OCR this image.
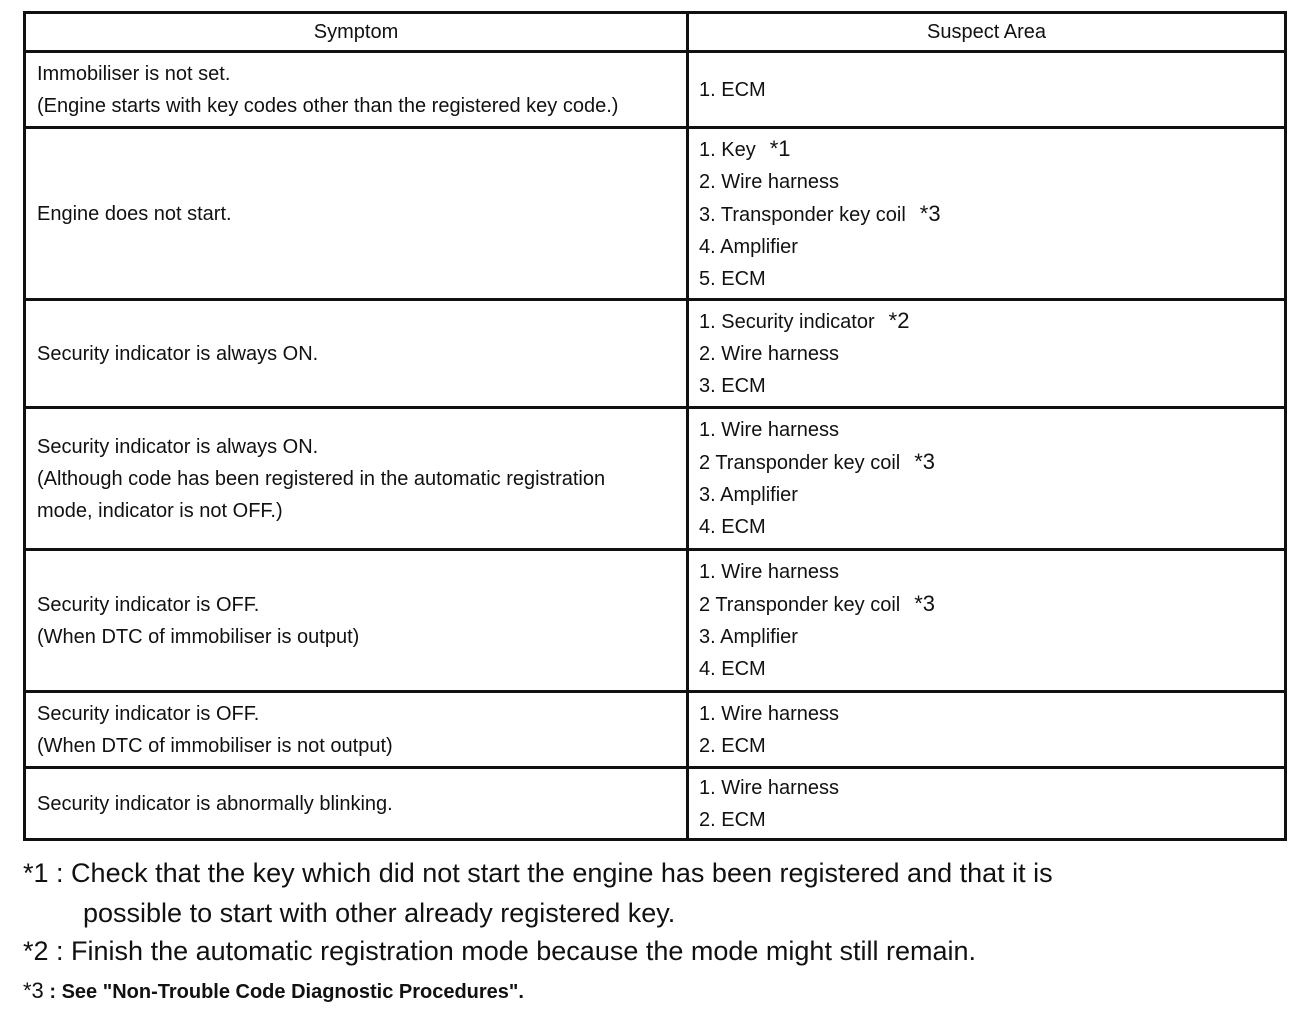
Symptom	Suspect Area

Immobiliser is not set.
(Engine starts with key codes other than the registered key code.)	1. ECM

Engine does not start.	1. Key *1
2. Wire harness
3. Transponder key coil *3
4. Amplifier
5. ECM

Security indicator is always ON.	1. Security indicator *2
2. Wire harness
3. ECM

Security indicator is always ON.
(Although code has been registered in the automatic registration
mode, indicator is not OFF.)	1. Wire harness
2 Transponder key coil *3
3. Amplifier
4. ECM

Security indicator is OFF.
(When DTC of immobiliser is output)	1. Wire harness
2 Transponder key coil *3
3. Amplifier
4. ECM

Security indicator is OFF.
(When DTC of immobiliser is not output)	1. Wire harness
2. ECM

Security indicator is abnormally blinking.	1. Wire harness
2. ECM
*1 : Check that the key which did not start the engine has been registered and that it is
possible to start with other already registered key.
*2 : Finish the automatic registration mode because the mode might still remain.
*3 : See "Non-Trouble Code Diagnostic Procedures".
